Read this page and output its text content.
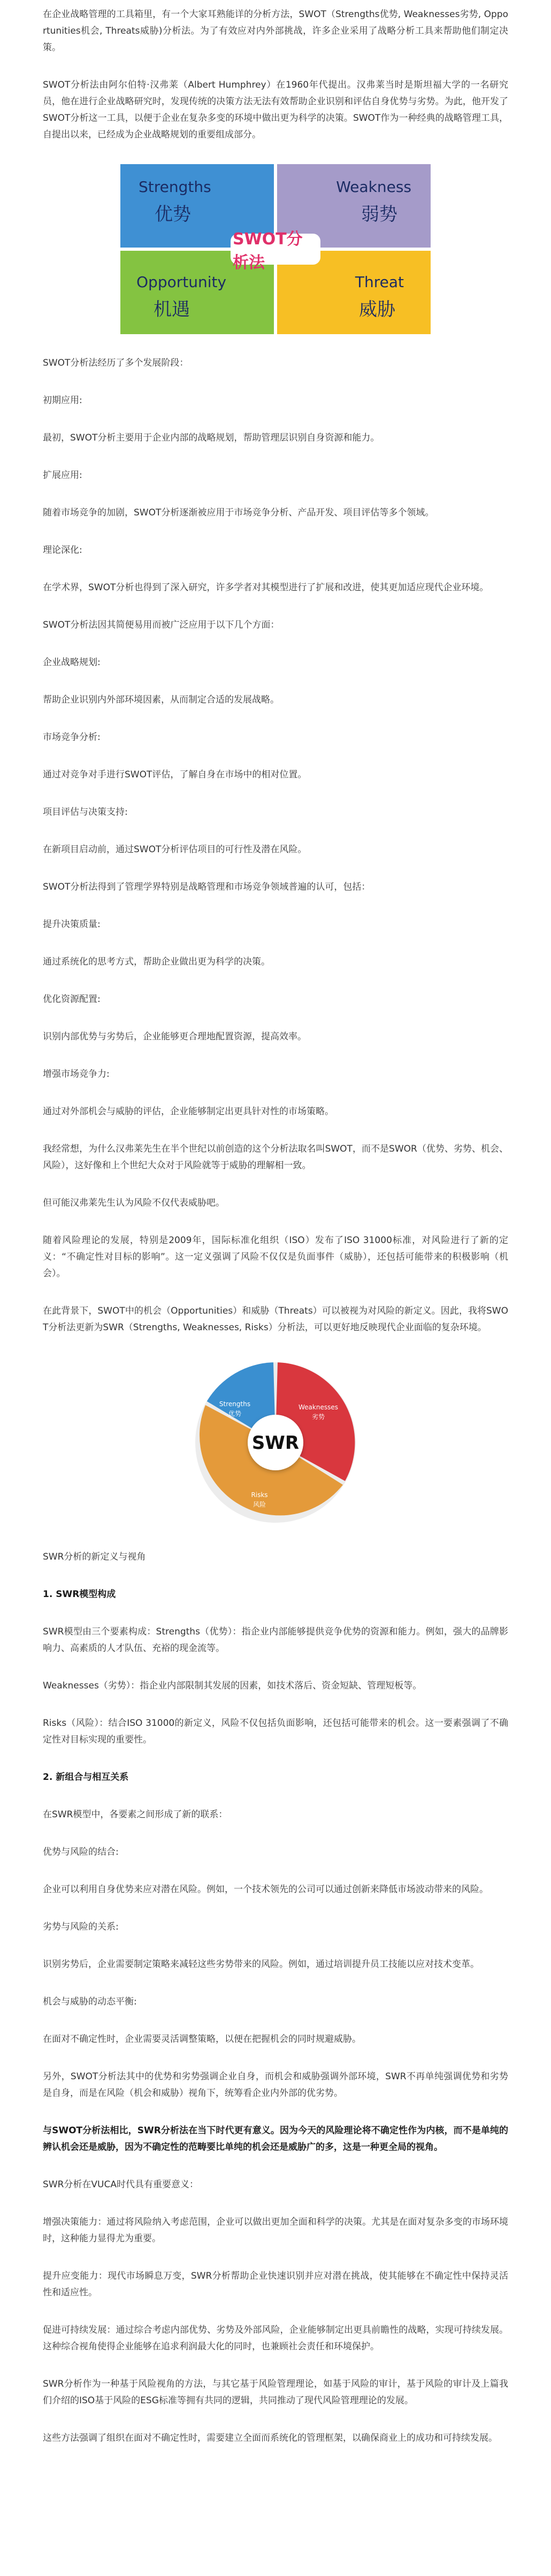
在企业战略管理的工具箱里，有一个大家耳熟能详的分析方法，SWOT（Strengths优势, Weaknesses劣势, Opportunities机会, Threats威胁)分析法。为了有效应对内外部挑战，许多企业采用了战略分析工具来帮助他们制定决策。

SWOT分析法由阿尔伯特·汉弗莱（Albert Humphrey）在1960年代提出。汉弗莱当时是斯坦福大学的一名研究员，他在进行企业战略研究时，发现传统的决策方法无法有效帮助企业识别和评估自身优势与劣势。为此，他开发了SWOT分析这一工具，以便于企业在复杂多变的环境中做出更为科学的决策。SWOT作为一种经典的战略管理工具，自提出以来，已经成为企业战略规划的重要组成部分。

Strengths
优势
Weakness
弱势
Opportunity
机遇
Threat
威胁
SWOT分析法

SWOT分析法经历了多个发展阶段：

初期应用:

最初，SWOT分析主要用于企业内部的战略规划，帮助管理层识别自身资源和能力。

扩展应用:

随着市场竞争的加剧，SWOT分析逐渐被应用于市场竞争分析、产品开发、项目评估等多个领域。

理论深化:

在学术界，SWOT分析也得到了深入研究，许多学者对其模型进行了扩展和改进，使其更加适应现代企业环境。

SWOT分析法因其简便易用而被广泛应用于以下几个方面：

企业战略规划:

帮助企业识别内外部环境因素，从而制定合适的发展战略。

市场竞争分析:

通过对竞争对手进行SWOT评估，了解自身在市场中的相对位置。

项目评估与决策支持:

在新项目启动前，通过SWOT分析评估项目的可行性及潜在风险。

SWOT分析法得到了管理学界特别是战略管理和市场竞争领域普遍的认可，包括：

提升决策质量:

通过系统化的思考方式，帮助企业做出更为科学的决策。

优化资源配置:

识别内部优势与劣势后，企业能够更合理地配置资源，提高效率。

增强市场竞争力:

通过对外部机会与威胁的评估，企业能够制定出更具针对性的市场策略。

我经常想，为什么汉弗莱先生在半个世纪以前创造的这个分析法取名叫SWOT，而不是SWOR（优势、劣势、机会、风险），这好像和上个世纪大众对于风险就等于威胁的理解相一致。

但可能汉弗莱先生认为风险不仅代表威胁吧。

随着风险理论的发展，特别是2009年，国际标准化组织（ISO）发布了ISO 31000标准，对风险进行了新的定义：“不确定性对目标的影响”。这一定义强调了风险不仅仅是负面事件（威胁），还包括可能带来的积极影响（机会）。

在此背景下，SWOT中的机会（Opportunities）和威胁（Threats）可以被视为对风险的新定义。因此，我将SWOT分析法更新为SWR（Strengths, Weaknesses, Risks）分析法，可以更好地反映现代企业面临的复杂环境。

SWR
Strengths
优势
Weaknesses
劣势
Risks
风险

SWR分析的新定义与视角

1. SWR模型构成

SWR模型由三个要素构成：Strengths（优势）：指企业内部能够提供竞争优势的资源和能力。例如，强大的品牌影响力、高素质的人才队伍、充裕的现金流等。

Weaknesses（劣势）：指企业内部限制其发展的因素，如技术落后、资金短缺、管理短板等。

Risks（风险）：结合ISO 31000的新定义，风险不仅包括负面影响，还包括可能带来的机会。这一要素强调了不确定性对目标实现的重要性。

2. 新组合与相互关系

在SWR模型中，各要素之间形成了新的联系：

优势与风险的结合:

企业可以利用自身优势来应对潜在风险。例如，一个技术领先的公司可以通过创新来降低市场波动带来的风险。

劣势与风险的关系:

识别劣势后，企业需要制定策略来减轻这些劣势带来的风险。例如，通过培训提升员工技能以应对技术变革。

机会与威胁的动态平衡:

在面对不确定性时，企业需要灵活调整策略，以便在把握机会的同时规避威胁。

另外，SWOT分析法其中的优势和劣势强调企业自身，而机会和威胁强调外部环境，SWR不再单纯强调优势和劣势是自身，而是在风险（机会和威胁）视角下，统筹看企业内外部的优劣势。

与SWOT分析法相比，SWR分析法在当下时代更有意义。因为今天的风险理论将不确定性作为内核，而不是单纯的辨认机会还是威胁，因为不确定性的范畴要比单纯的机会还是威胁广的多，这是一种更全局的视角。

SWR分析在VUCA时代具有重要意义：

增强决策能力：通过将风险纳入考虑范围，企业可以做出更加全面和科学的决策。尤其是在面对复杂多变的市场环境时，这种能力显得尤为重要。

提升应变能力：现代市场瞬息万变，SWR分析帮助企业快速识别并应对潜在挑战，使其能够在不确定性中保持灵活性和适应性。

促进可持续发展：通过综合考虑内部优势、劣势及外部风险，企业能够制定出更具前瞻性的战略，实现可持续发展。这种综合视角使得企业能够在追求利润最大化的同时，也兼顾社会责任和环境保护。

SWR分析作为一种基于风险视角的方法，与其它基于风险管理理论，如基于风险的审计，基于风险的审计及上篇我们介绍的ISO基于风险的ESG标准等拥有共同的逻辑，共同推动了现代风险管理理论的发展。

这些方法强调了组织在面对不确定性时，需要建立全面而系统化的管理框架，以确保商业上的成功和可持续发展。
